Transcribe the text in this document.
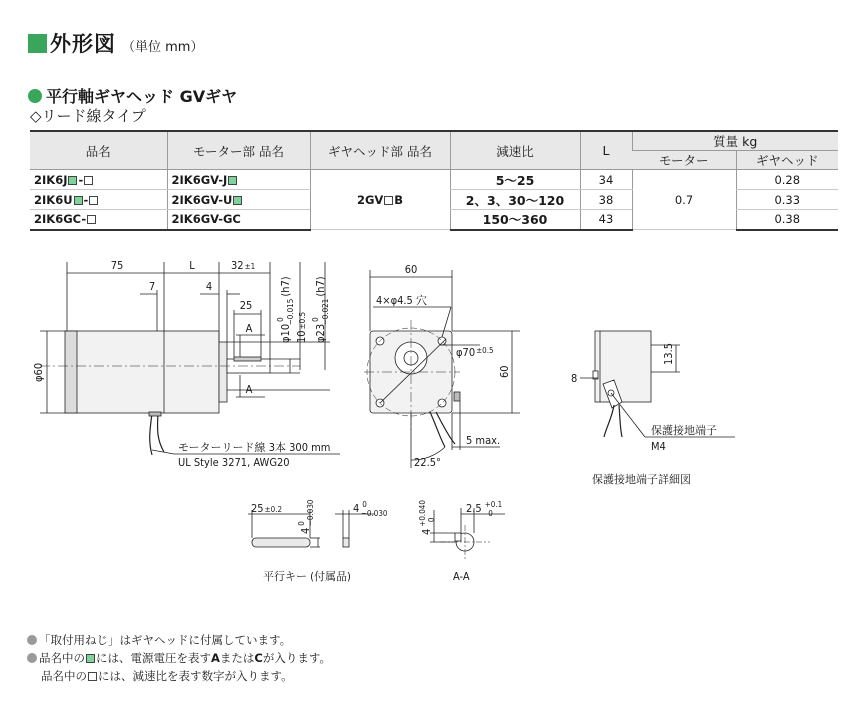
外形図 （単位 mm）
平行軸ギヤヘッド GVギヤ
◇リード線タイプ
品名	モーター部 品名	ギヤヘッド部 品名	減速比	L	質量 kg	
					モーター	ギヤヘッド
2IK6J -	2IK6GV-J	2GV B	5～25	34	0.7	0.28
2IK6U -	2IK6GV-U		2、3、30～120	38		0.33
2IK6GC-	2IK6GV-GC		150～360	43		0.38
75	L	32±1
7	4
25
A
A
$\varphi 10^0-0.015(h7)$
10±0.5
$\varphi 23^0-0.021(h7)$
φ60
モーターリード線 3本 300 mm
UL Style 3271, AWG20
60
4×φ4.5 穴
$\varphi 70^{\pm 0.5}$
60
22.5°
5 max.
8
13.5
保護接地端子
M4
保護接地端子詳細図
25±0.2
$4^0-0.030$	4 $^0$ −0.030
平行キー (付属品)
$4^{+0.040}0$
2.5 $^{+0.1}$ 0
A-A
「取付用ねじ」はギヤヘッドに付属しています。
品名中の には、電源電圧を表す A または C が入ります。
品名中の には、減速比を表す数字が入ります。
